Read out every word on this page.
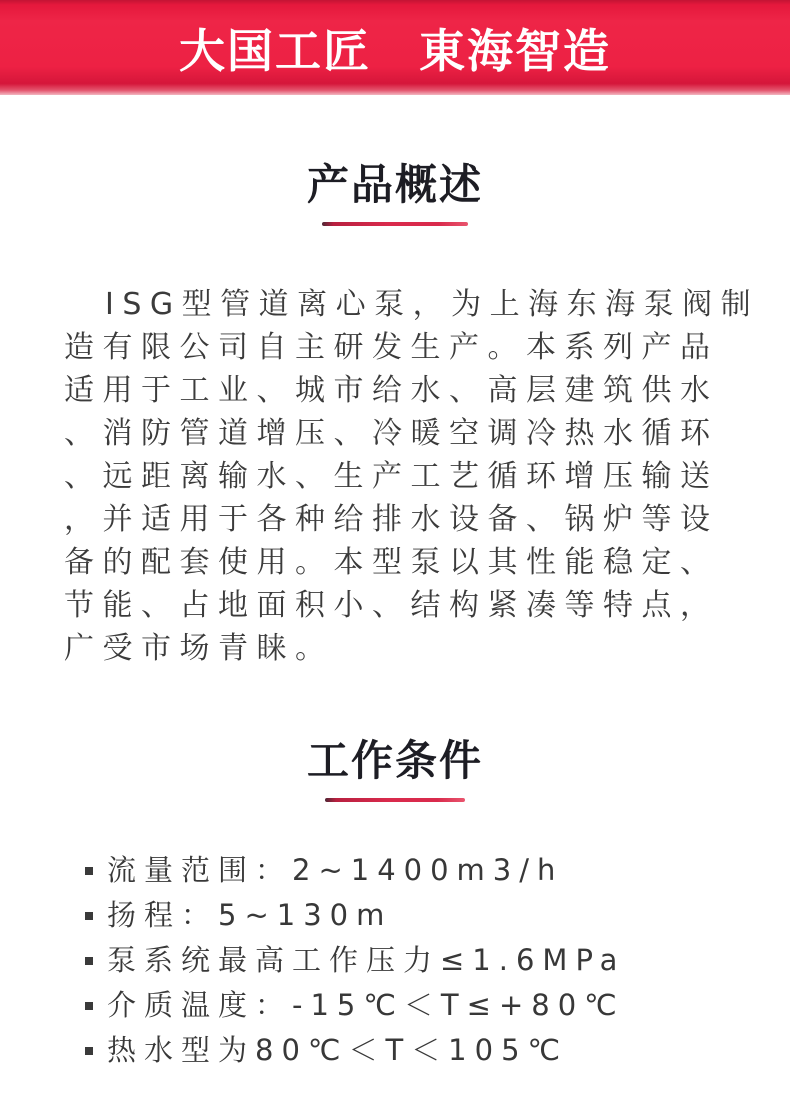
大国工匠　東海智造
产品概述
ISG型管道离心泵，为上海东海泵阀制
造有限公司自主研发生产。本系列产品
适用于工业、城市给水、高层建筑供水
、消防管道增压、冷暖空调冷热水循环
、远距离输水、生产工艺循环增压输送
，并适用于各种给排水设备、锅炉等设
备的配套使用。本型泵以其性能稳定、
节能、占地面积小、结构紧凑等特点，
广受市场青睐。
工作条件
流量范围：2~1400m3/h
扬程：5~130m
泵系统最高工作压力≤1.6MPa
介质温度：-15℃＜T≤+80℃
热水型为80℃＜T＜105℃
